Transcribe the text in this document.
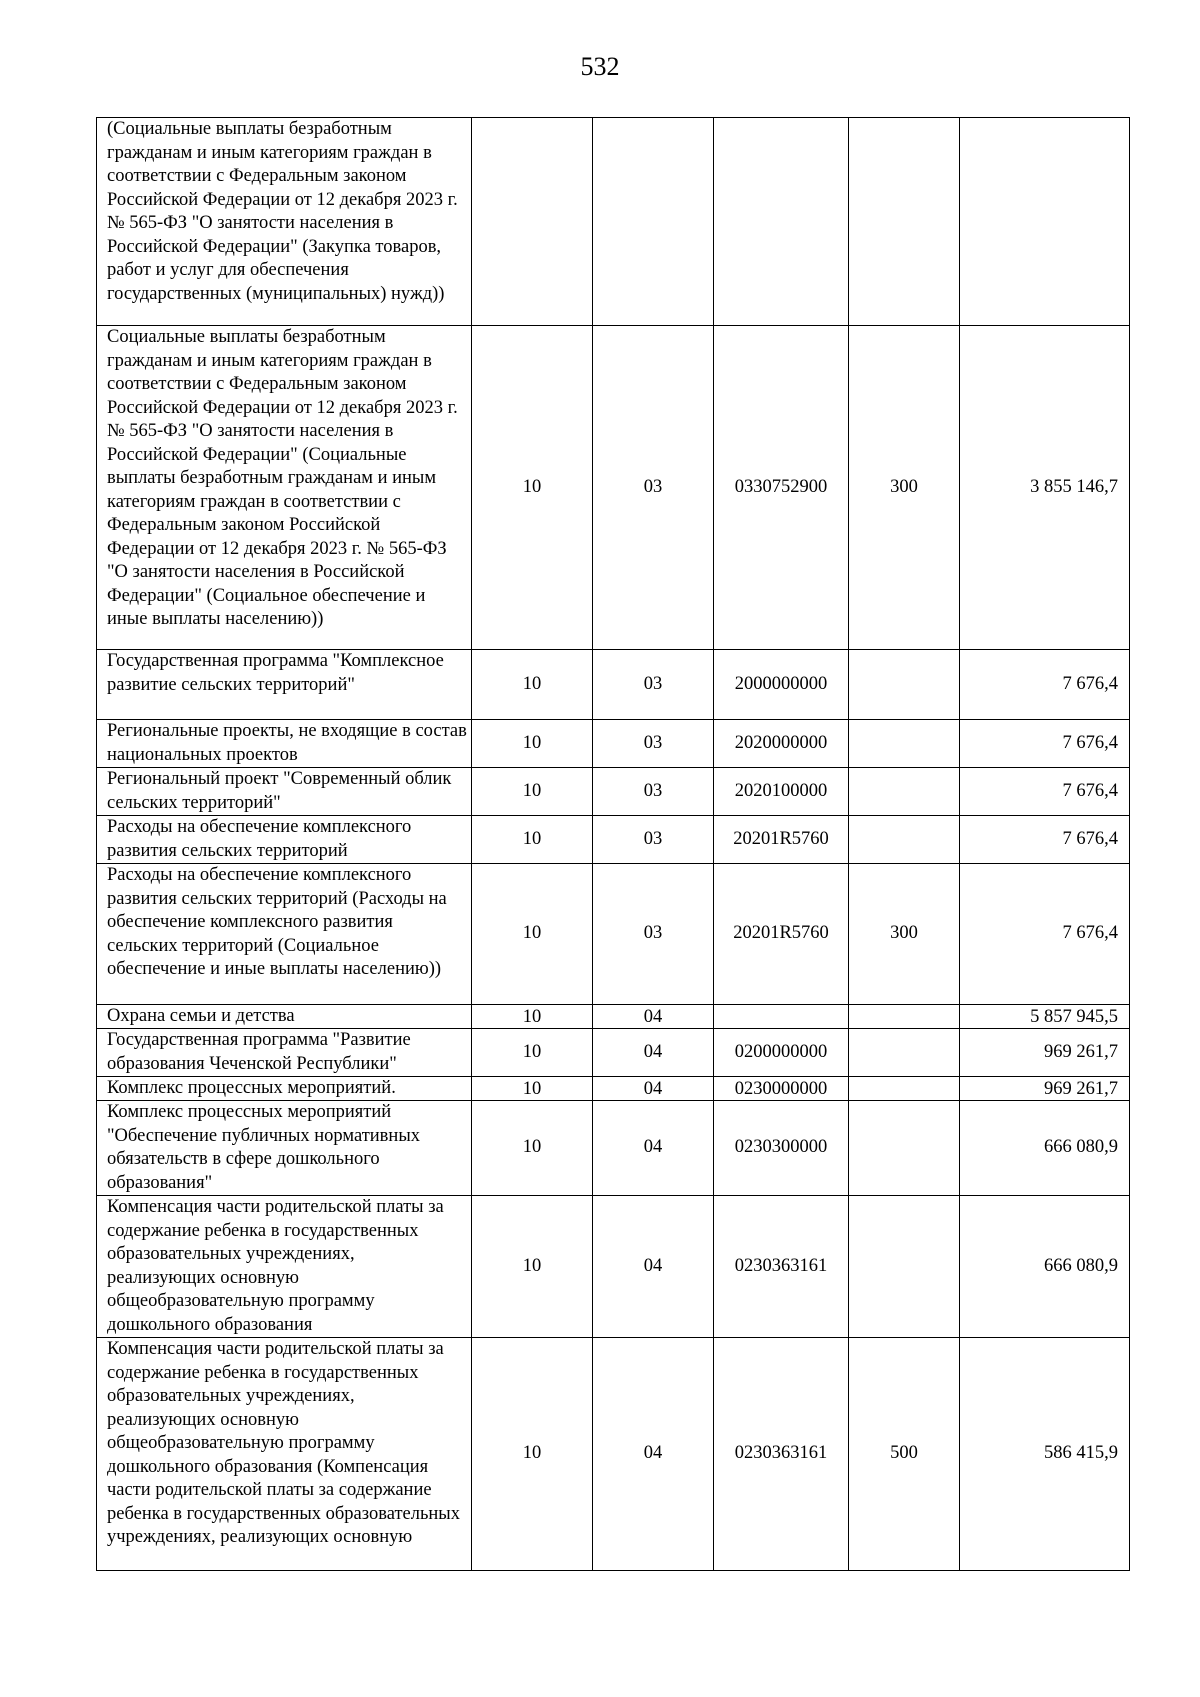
532
(Социальные выплаты безработным гражданам и иным категориям граждан в соответствии с Федеральным законом Российской Федерации от 12 декабря 2023 г. № 565-ФЗ "О занятости населения в Российской Федерации" (Закупка товаров, работ и услуг для обеспечения государственных (муниципальных) нужд))					
Социальные выплаты безработным гражданам и иным категориям граждан в соответствии с Федеральным законом Российской Федерации от 12 декабря 2023 г. № 565-ФЗ "О занятости населения в Российской Федерации" (Социальные выплаты безработным гражданам и иным категориям граждан в соответствии с Федеральным законом Российской Федерации от 12 декабря 2023 г. № 565-ФЗ "О занятости населения в Российской Федерации" (Социальное обеспечение и иные выплаты населению))	10	03	0330752900	300	3 855 146,7
Государственная программа "Комплексное развитие сельских территорий"	10	03	2000000000		7 676,4
Региональные проекты, не входящие в состав национальных проектов	10	03	2020000000		7 676,4
Региональный проект "Современный облик сельских территорий"	10	03	2020100000		7 676,4
Расходы на обеспечение комплексного развития сельских территорий	10	03	20201R5760		7 676,4
Расходы на обеспечение комплексного развития сельских территорий (Расходы на обеспечение комплексного развития сельских территорий (Социальное обеспечение и иные выплаты населению))	10	03	20201R5760	300	7 676,4
Охрана семьи и детства	10	04			5 857 945,5
Государственная программа "Развитие образования Чеченской Республики"	10	04	0200000000		969 261,7
Комплекс процессных мероприятий.	10	04	0230000000		969 261,7
Комплекс процессных мероприятий "Обеспечение публичных нормативных обязательств в сфере дошкольного образования"	10	04	0230300000		666 080,9
Компенсация части родительской платы за содержание ребенка в государственных образовательных учреждениях, реализующих основную общеобразовательную программу дошкольного образования	10	04	0230363161		666 080,9
Компенсация части родительской платы за содержание ребенка в государственных образовательных учреждениях, реализующих основную общеобразовательную программу дошкольного образования (Компенсация части родительской платы за содержание ребенка в государственных образовательных учреждениях, реализующих основную	10	04	0230363161	500	586 415,9
